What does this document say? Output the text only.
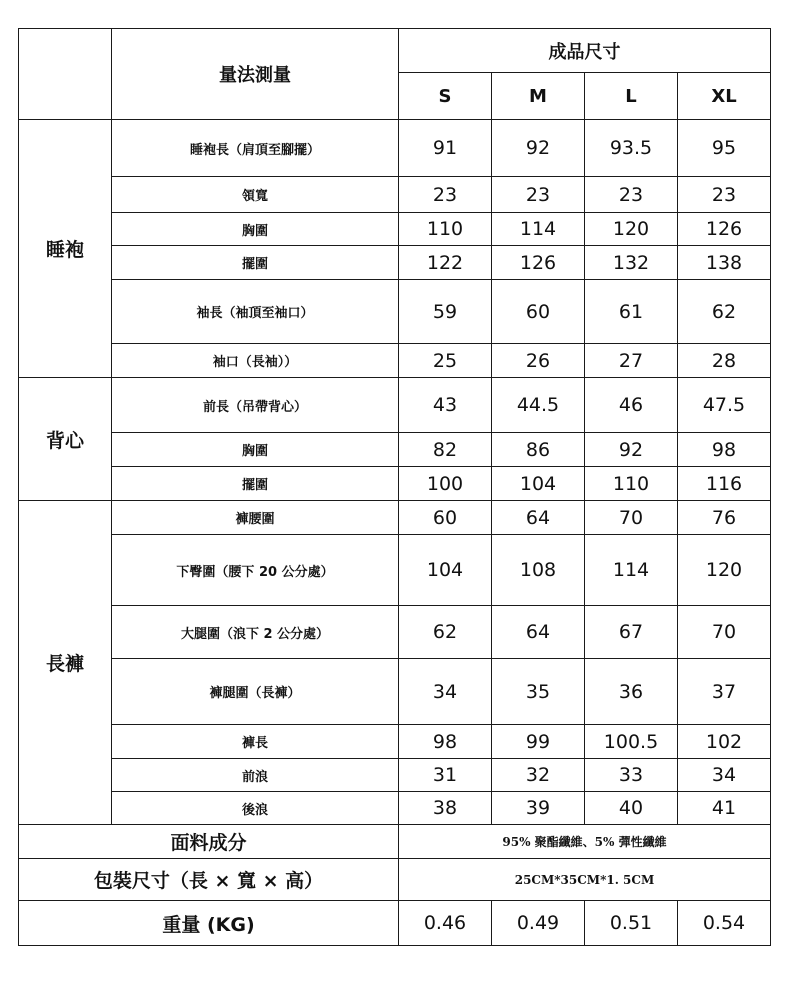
	量法測量	成品尺寸			
		S	M	L	XL
睡袍	睡袍長（肩頂至腳擺）	91	92	93.5	95
	領寬	23	23	23	23
	胸圍	110	114	120	126
	擺圍	122	126	132	138
	袖長（袖頂至袖口）	59	60	61	62
	袖口（長袖））	25	26	27	28
背心	前長（吊帶背心）	43	44.5	46	47.5
	胸圍	82	86	92	98
	擺圍	100	104	110	116
長褲	褲腰圍	60	64	70	76
	下臀圍（腰下 20 公分處）	104	108	114	120
	大腿圍（浪下 2 公分處）	62	64	67	70
	褲腿圍（長褲）	34	35	36	37
	褲長	98	99	100.5	102
	前浪	31	32	33	34
	後浪	38	39	40	41
面料成分		95% 聚酯纖維、5% 彈性纖維			
包裝尺寸（長 × 寬 × 高）		25CM*35CM*1. 5CM			
重量 (KG)		0.46	0.49	0.51	0.54
